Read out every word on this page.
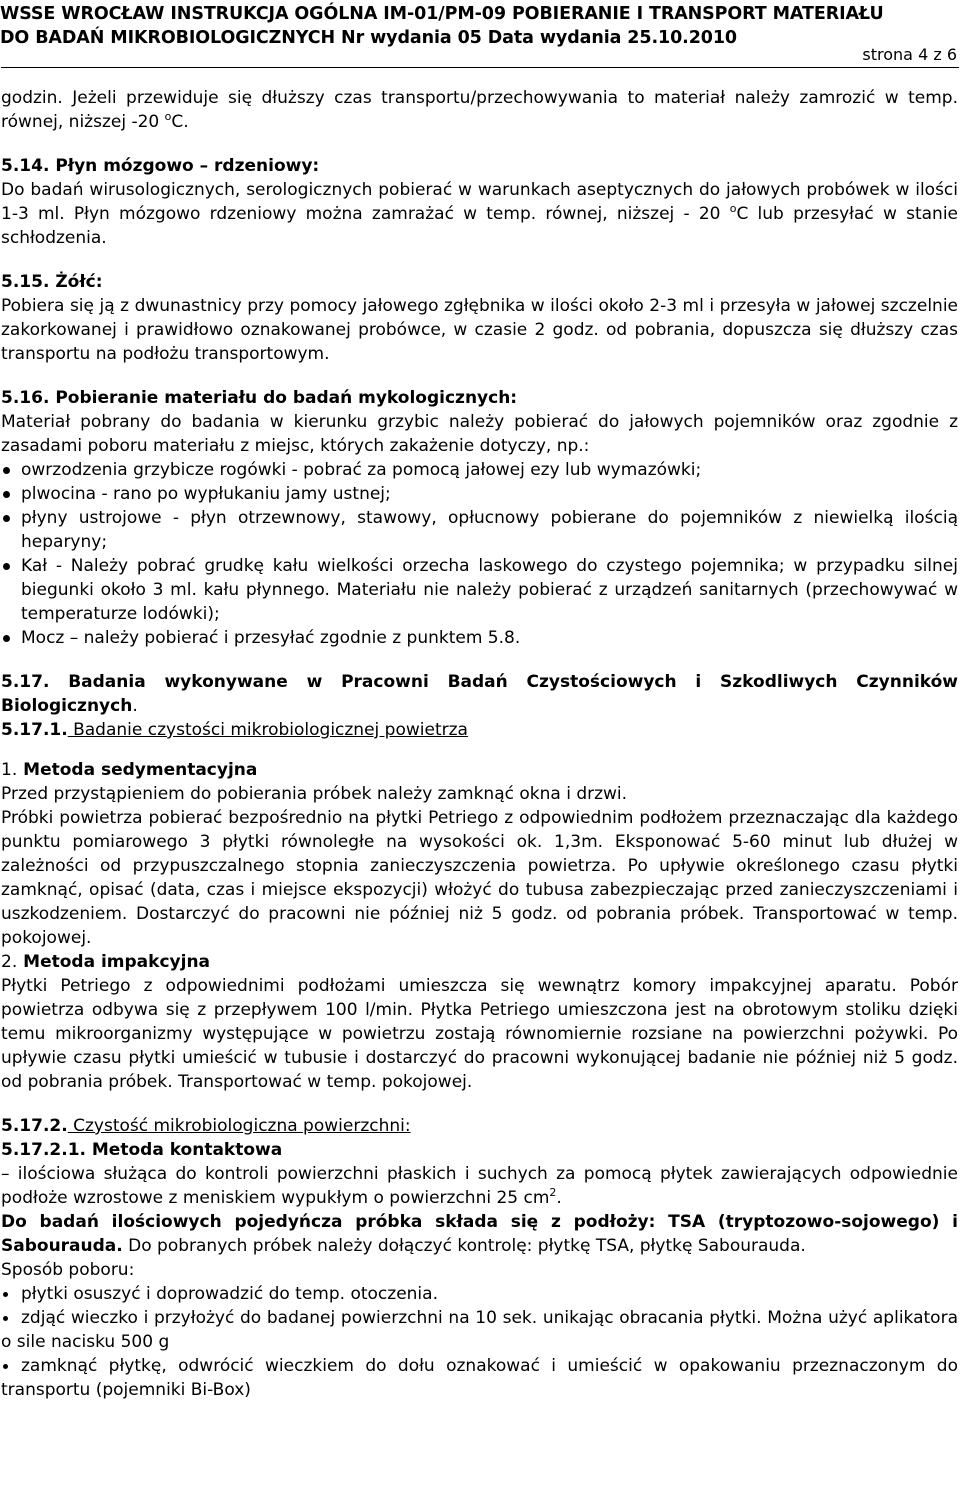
WSSE WROCŁAW INSTRUKCJA OGÓLNA IM-01/PM-09 POBIERANIE I TRANSPORT MATERIAŁU
DO BADAŃ MIKROBIOLOGICZNYCH Nr wydania 05 Data wydania 25.10.2010
strona 4 z 6

godzin. Jeżeli przewiduje się dłuższy czas transportu/przechowywania to materiał należy zamrozić w temp. równej, niższej -20 $^o$C.

5.14. Płyn mózgowo – rdzeniowy:

Do badań wirusologicznych, serologicznych pobierać w warunkach aseptycznych do jałowych probówek w ilości 1-3 ml. Płyn mózgowo rdzeniowy można zamrażać w temp. równej, niższej - 20 $^o$C lub przesyłać w stanie schłodzenia.

5.15. Żółć:

Pobiera się ją z dwunastnicy przy pomocy jałowego zgłębnika w ilości około 2-3 ml i przesyła w jałowej szczelnie zakorkowanej i prawidłowo oznakowanej probówce, w czasie 2 godz. od pobrania, dopuszcza się dłuższy czas transportu na podłożu transportowym.

5.16. Pobieranie materiału do badań mykologicznych:

Materiał pobrany do badania w kierunku grzybic należy pobierać do jałowych pojemników oraz zgodnie z zasadami poboru materiału z miejsc, których zakażenie dotyczy, np.:

owrzodzenia grzybicze rogówki - pobrać za pomocą jałowej ezy lub wymazówki;
plwocina - rano po wypłukaniu jamy ustnej;
płyny ustrojowe - płyn otrzewnowy, stawowy, opłucnowy pobierane do pojemników z niewielką ilością heparyny;
Kał - Należy pobrać grudkę kału wielkości orzecha laskowego do czystego pojemnika; w przypadku silnej biegunki około 3 ml. kału płynnego. Materiału nie należy pobierać z urządzeń sanitarnych (przechowywać w temperaturze lodówki);
Mocz – należy pobierać i przesyłać zgodnie z punktem 5.8.

5.17. Badania wykonywane w Pracowni Badań Czystościowych i Szkodliwych Czynników Biologicznych.

5.17.1. Badanie czystości mikrobiologicznej powietrza

1. Metoda sedymentacyjna

Przed przystąpieniem do pobierania próbek należy zamknąć okna i drzwi.

Próbki powietrza pobierać bezpośrednio na płytki Petriego z odpowiednim podłożem przeznaczając dla każdego punktu pomiarowego 3 płytki równoległe na wysokości ok. 1,3m. Eksponować 5-60 minut lub dłużej w zależności od przypuszczalnego stopnia zanieczyszczenia powietrza. Po upływie określonego czasu płytki zamknąć, opisać (data, czas i miejsce ekspozycji) włożyć do tubusa zabezpieczając przed zanieczyszczeniami i uszkodzeniem. Dostarczyć do pracowni nie później niż 5 godz. od pobrania próbek. Transportować w temp. pokojowej.

2. Metoda impakcyjna

Płytki Petriego z odpowiednimi podłożami umieszcza się wewnątrz komory impakcyjnej aparatu. Pobór powietrza odbywa się z przepływem 100 l/min. Płytka Petriego umieszczona jest na obrotowym stoliku dzięki temu mikroorganizmy występujące w powietrzu zostają równomiernie rozsiane na powierzchni pożywki. Po upływie czasu płytki umieścić w tubusie i dostarczyć do pracowni wykonującej badanie nie później niż 5 godz. od pobrania próbek. Transportować w temp. pokojowej.

5.17.2. Czystość mikrobiologiczna powierzchni:

5.17.2.1. Metoda kontaktowa

– ilościowa służąca do kontroli powierzchni płaskich i suchych za pomocą płytek zawierających odpowiednie podłoże wzrostowe z meniskiem wypukłym o powierzchni 25 $cm^2$.

Do badań ilościowych pojedyńcza próbka składa się z podłoży: TSA (tryptozowo-sojowego) i Sabourauda. Do pobranych próbek należy dołączyć kontrolę: płytkę TSA, płytkę Sabourauda.

Sposób poboru:

płytki osuszyć i doprowadzić do temp. otoczenia.
zdjąć wieczko i przyłożyć do badanej powierzchni na 10 sek. unikając obracania płytki. Można użyć aplikatora o sile nacisku 500 g
zamknąć płytkę, odwrócić wieczkiem do dołu oznakować i umieścić w opakowaniu przeznaczonym do transportu (pojemniki Bi-Box)
